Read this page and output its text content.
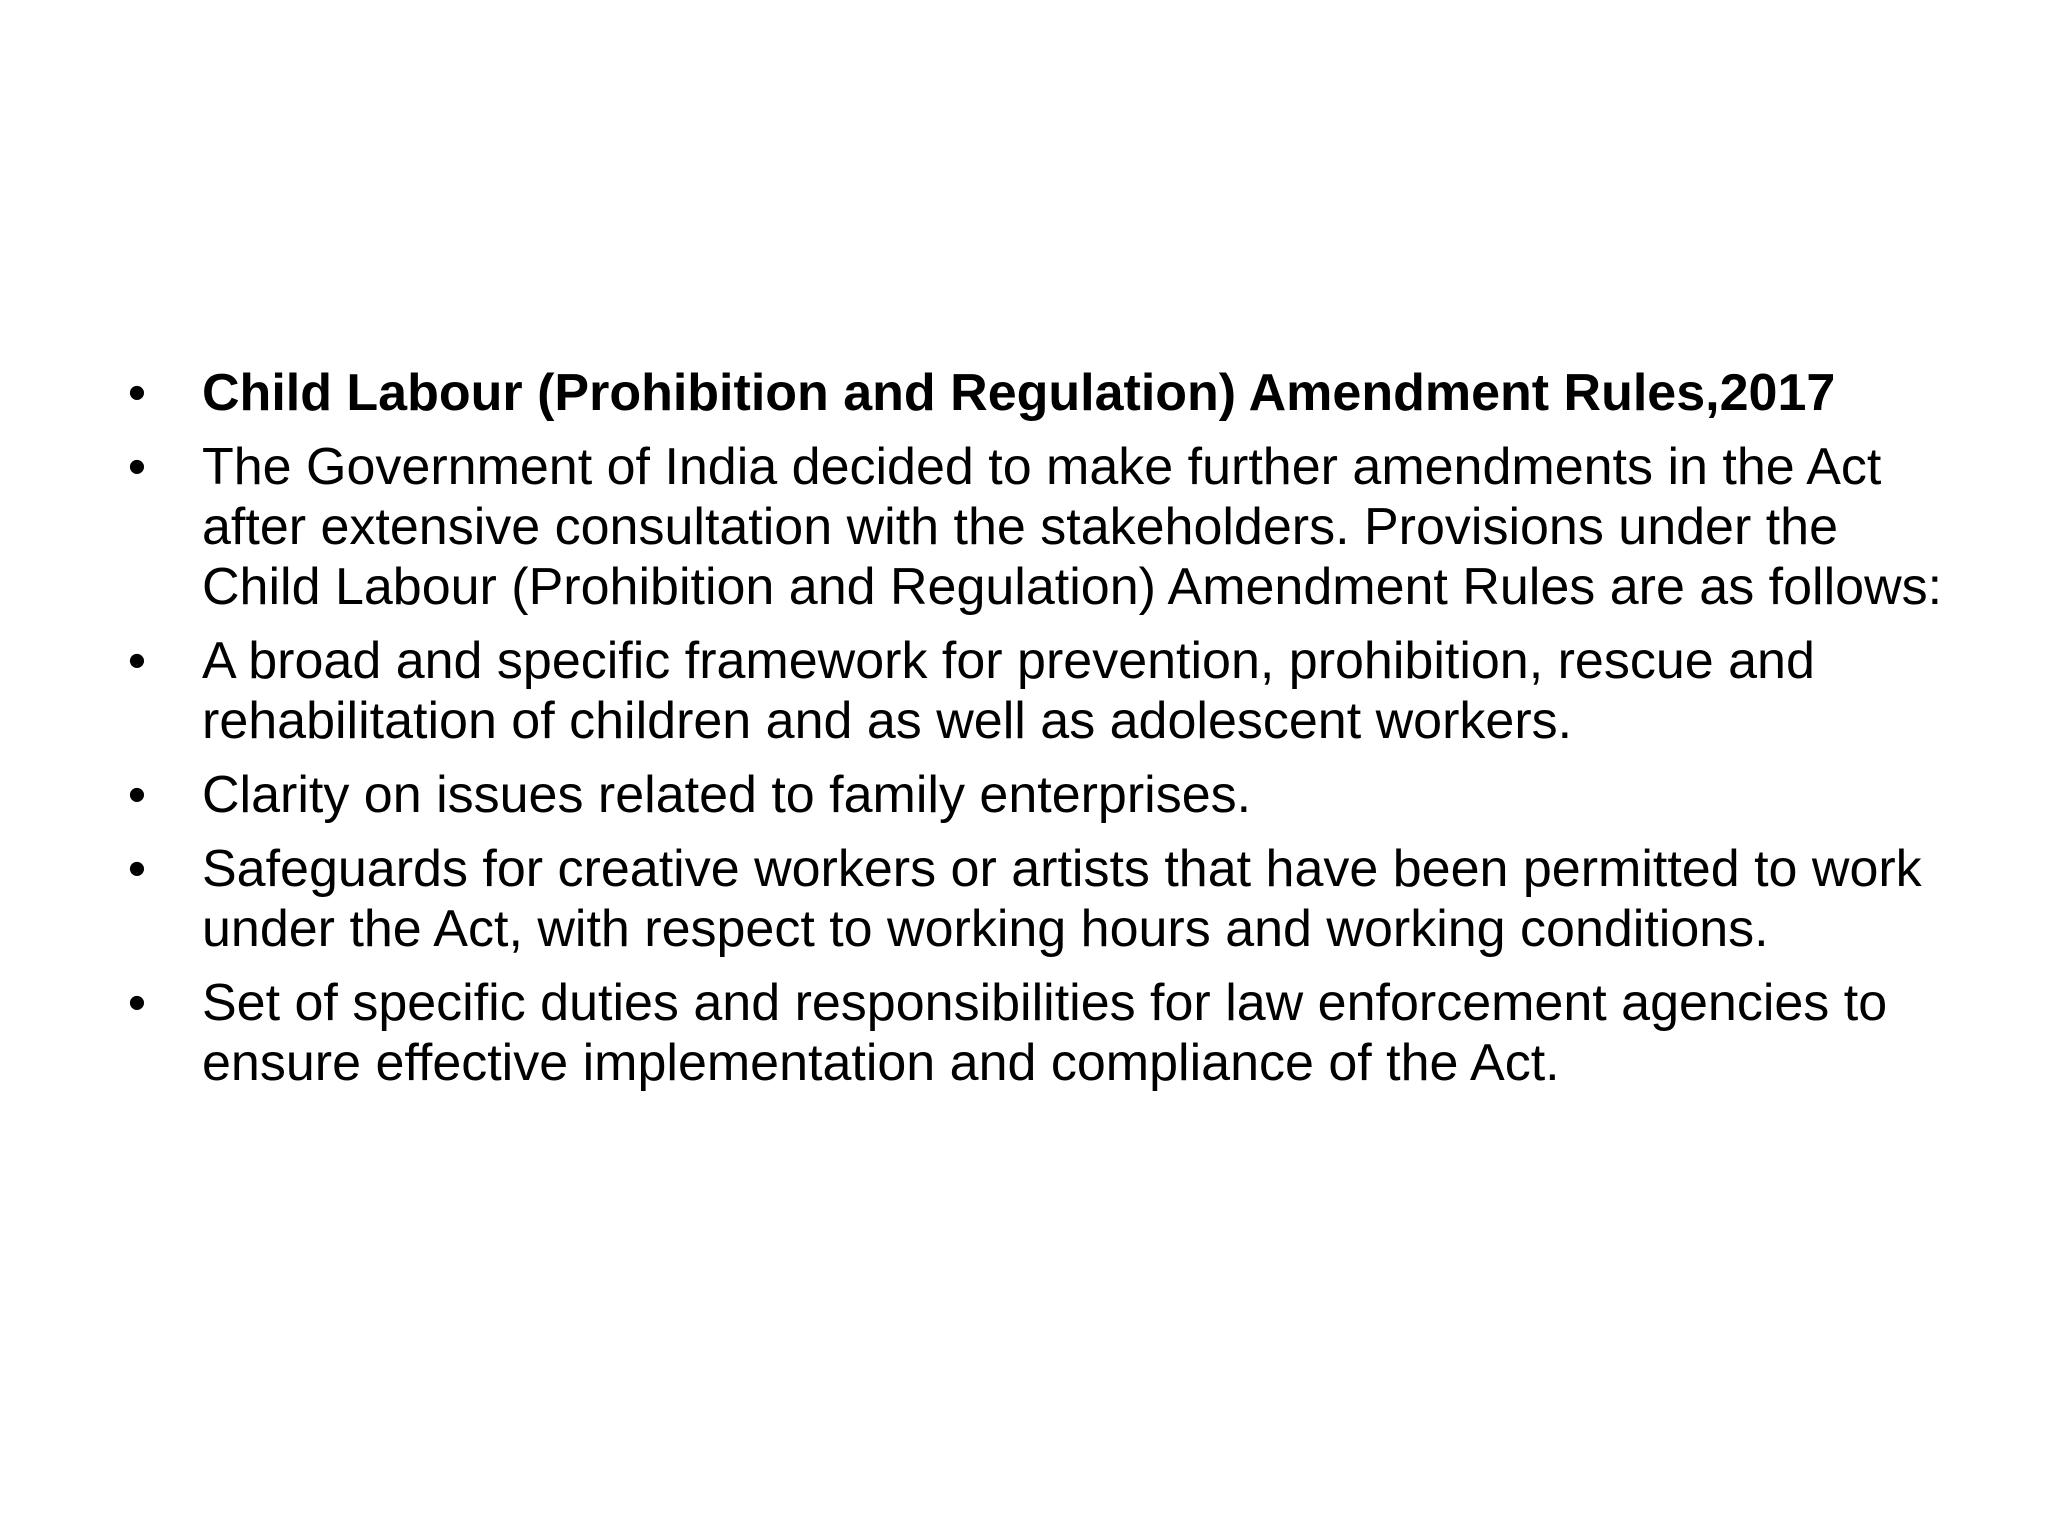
• Child Labour (Prohibition and Regulation) Amendment Rules,2017
• The Government of India decided to make further amendments in the Act after extensive consultation with the stakeholders. Provisions under the Child Labour (Prohibition and Regulation) Amendment Rules are as follows:
• A broad and specific framework for prevention, prohibition, rescue and rehabilitation of children and as well as adolescent workers.
• Clarity on issues related to family enterprises.
• Safeguards for creative workers or artists that have been permitted to work under the Act, with respect to working hours and working conditions.
• Set of specific duties and responsibilities for law enforcement agencies to ensure effective implementation and compliance of the Act.
